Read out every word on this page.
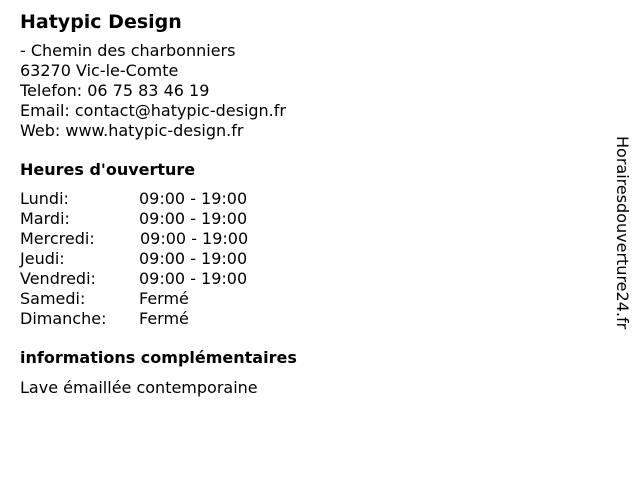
Hatypic Design
- Chemin des charbonniers
63270 Vic-le-Comte
Telefon: 06 75 83 46 19
Email: contact@hatypic-design.fr
Web: www.hatypic-design.fr
Heures d'ouverture
Lundi:	09:00 - 19:00
Mardi:	09:00 - 19:00
Mercredi:	09:00 - 19:00
Jeudi:	09:00 - 19:00
Vendredi:	09:00 - 19:00
Samedi:	Fermé
Dimanche:	Fermé
informations complémentaires
Lave émaillée contemporaine
Horairesdouverture24.fr
